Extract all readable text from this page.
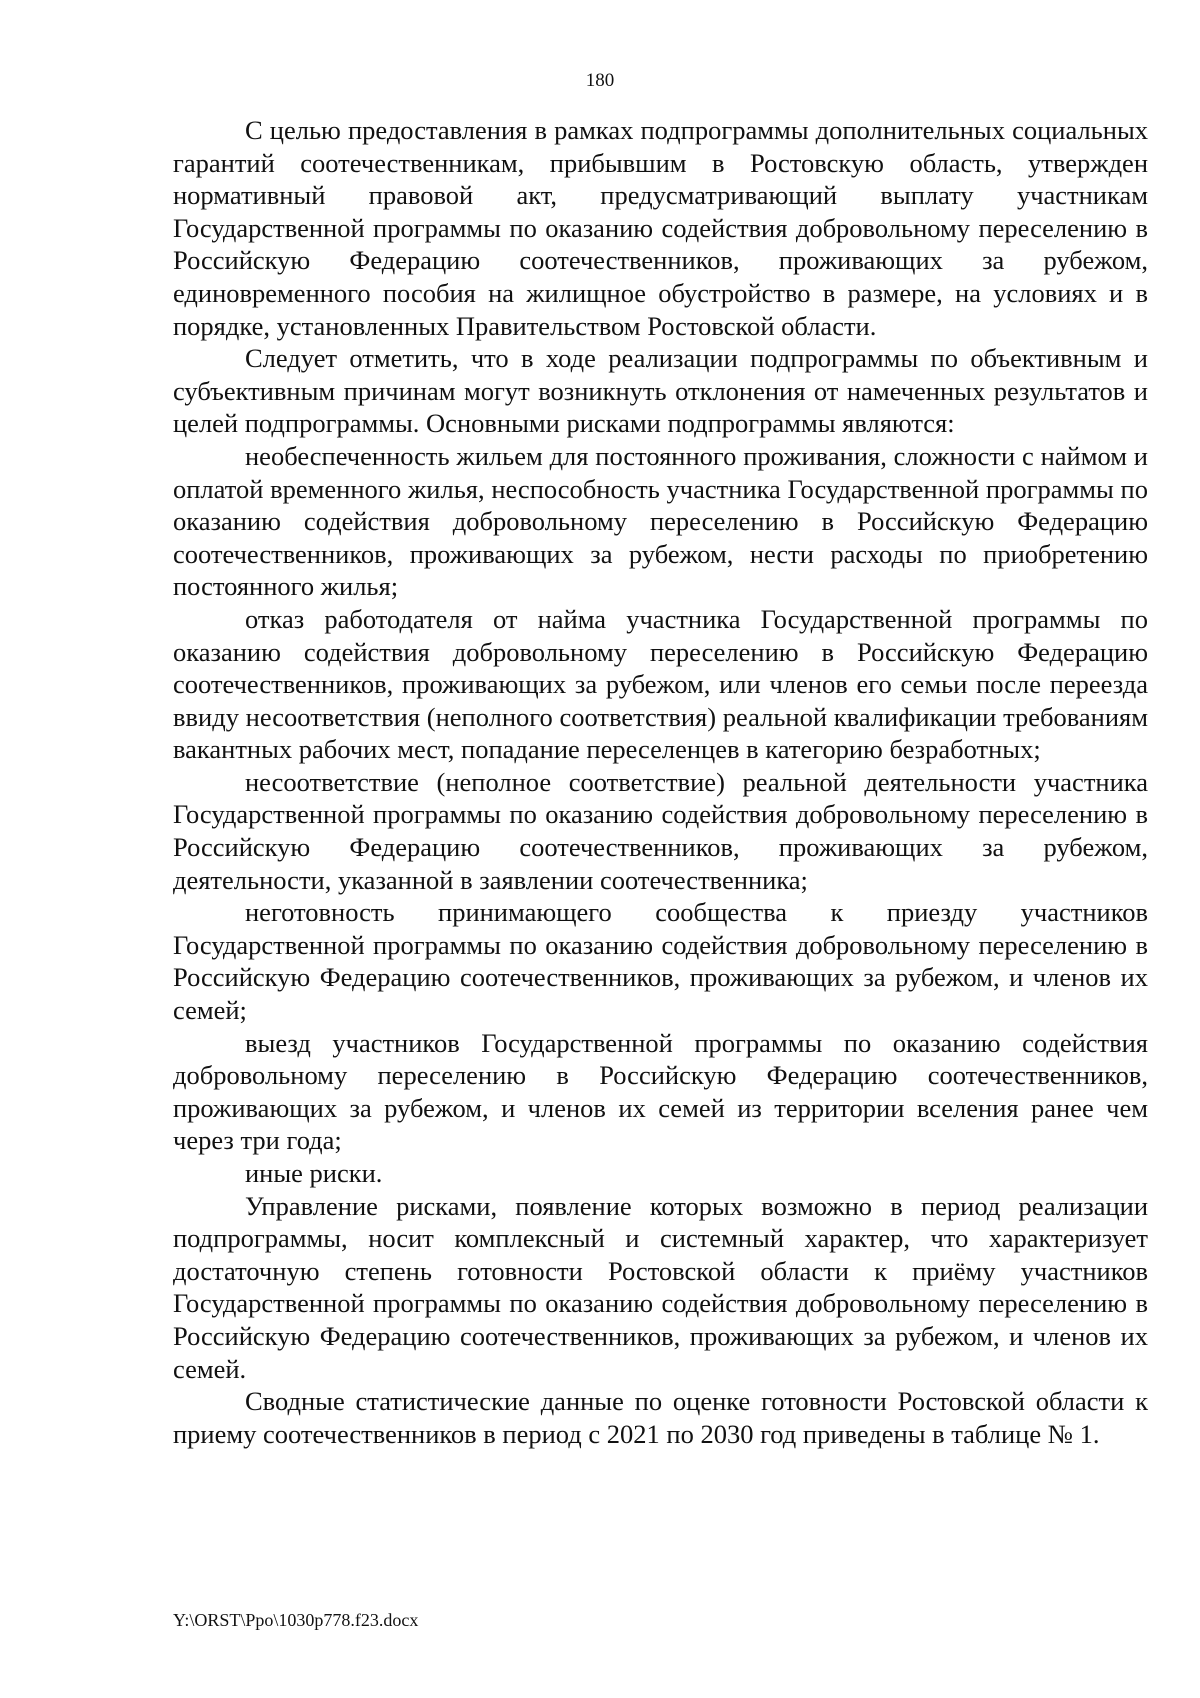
180

С целью предоставления в рамках подпрограммы дополнительных социальных гарантий соотечественникам, прибывшим в Ростовскую область, утвержден нормативный правовой акт, предусматривающий выплату участникам Государственной программы по оказанию содействия добровольному переселению в Российскую Федерацию соотечественников, проживающих за рубежом, единовременного пособия на жилищное обустройство в размере, на условиях и в порядке, установленных Правительством Ростовской области.

Следует отметить, что в ходе реализации подпрограммы по объективным и субъективным причинам могут возникнуть отклонения от намеченных результатов и целей подпрограммы. Основными рисками подпрограммы являются:

необеспеченность жильем для постоянного проживания, сложности с наймом и оплатой временного жилья, неспособность участника Государственной программы по оказанию содействия добровольному переселению в Российскую Федерацию соотечественников, проживающих за рубежом, нести расходы по приобретению постоянного жилья;

отказ работодателя от найма участника Государственной программы по оказанию содействия добровольному переселению в Российскую Федерацию соотечественников, проживающих за рубежом, или членов его семьи после переезда ввиду несоответствия (неполного соответствия) реальной квалификации требованиям вакантных рабочих мест, попадание переселенцев в категорию безработных;

несоответствие (неполное соответствие) реальной деятельности участника Государственной программы по оказанию содействия добровольному переселению в Российскую Федерацию соотечественников, проживающих за рубежом, деятельности, указанной в заявлении соотечественника;

неготовность принимающего сообщества к приезду участников Государственной программы по оказанию содействия добровольному переселению в Российскую Федерацию соотечественников, проживающих за рубежом, и членов их семей;

выезд участников Государственной программы по оказанию содействия добровольному переселению в Российскую Федерацию соотечественников, проживающих за рубежом, и членов их семей из территории вселения ранее чем через три года;

иные риски.

Управление рисками, появление которых возможно в период реализации подпрограммы, носит комплексный и системный характер, что характеризует достаточную степень готовности Ростовской области к приёму участников Государственной программы по оказанию содействия добровольному переселению в Российскую Федерацию соотечественников, проживающих за рубежом, и членов их семей.

Сводные статистические данные по оценке готовности Ростовской области к приему соотечественников в период с 2021 по 2030 год приведены в таблице № 1.

Y:\ORST\Ppo\1030p778.f23.docx
